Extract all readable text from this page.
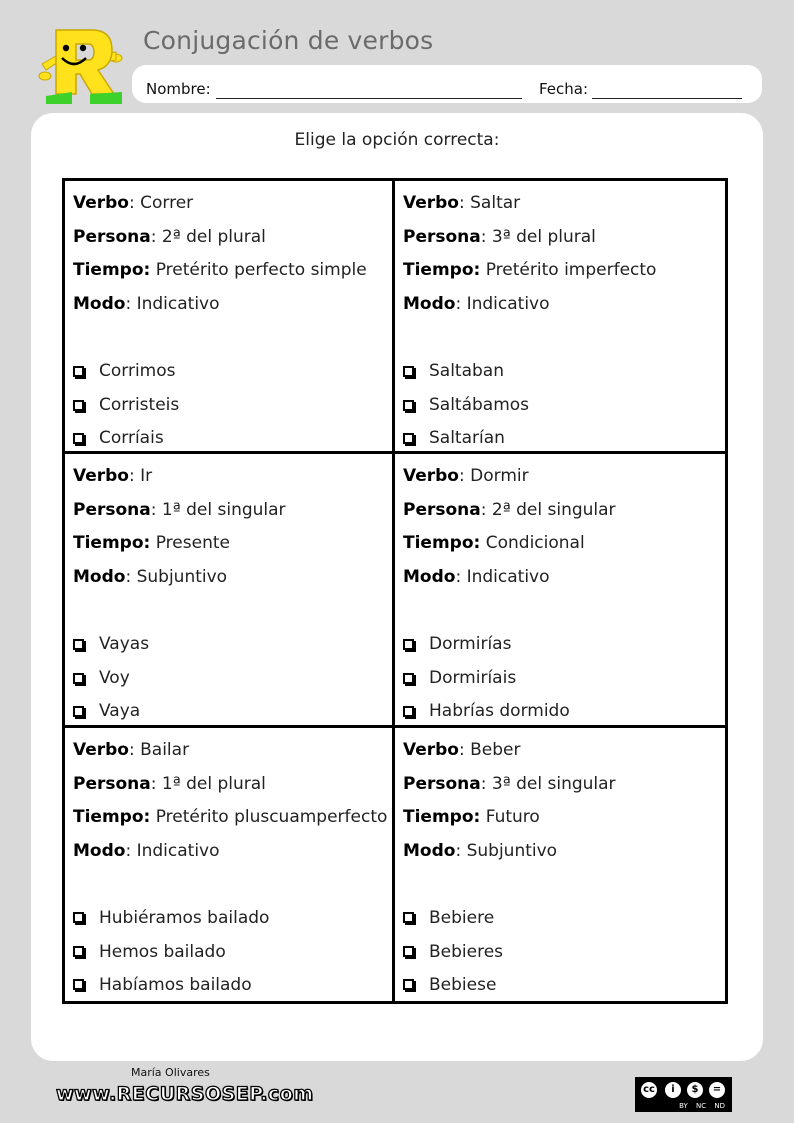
Conjugación de verbos
Nombre:	Fecha:
Elige la opción correcta:
Verbo: Correr
Persona: 2ª del plural
Tiempo: Pretérito perfecto simple
Modo: Indicativo
Corrimos
Corristeis
Corríais
Verbo: Saltar
Persona: 3ª del plural
Tiempo: Pretérito imperfecto
Modo: Indicativo
Saltaban
Saltábamos
Saltarían
Verbo: Ir
Persona: 1ª del singular
Tiempo: Presente
Modo: Subjuntivo
Vayas
Voy
Vaya
Verbo: Dormir
Persona: 2ª del singular
Tiempo: Condicional
Modo: Indicativo
Dormirías
Dormiríais
Habrías dormido
Verbo: Bailar
Persona: 1ª del plural
Tiempo: Pretérito pluscuamperfecto
Modo: Indicativo
Hubiéramos bailado
Hemos bailado
Habíamos bailado
Verbo: Beber
Persona: 3ª del singular
Tiempo: Futuro
Modo: Subjuntivo
Bebiere
Bebieres
Bebiese
María Olivares
www.RECURSOSEP.com	cc	i	$	=
BY NC ND
